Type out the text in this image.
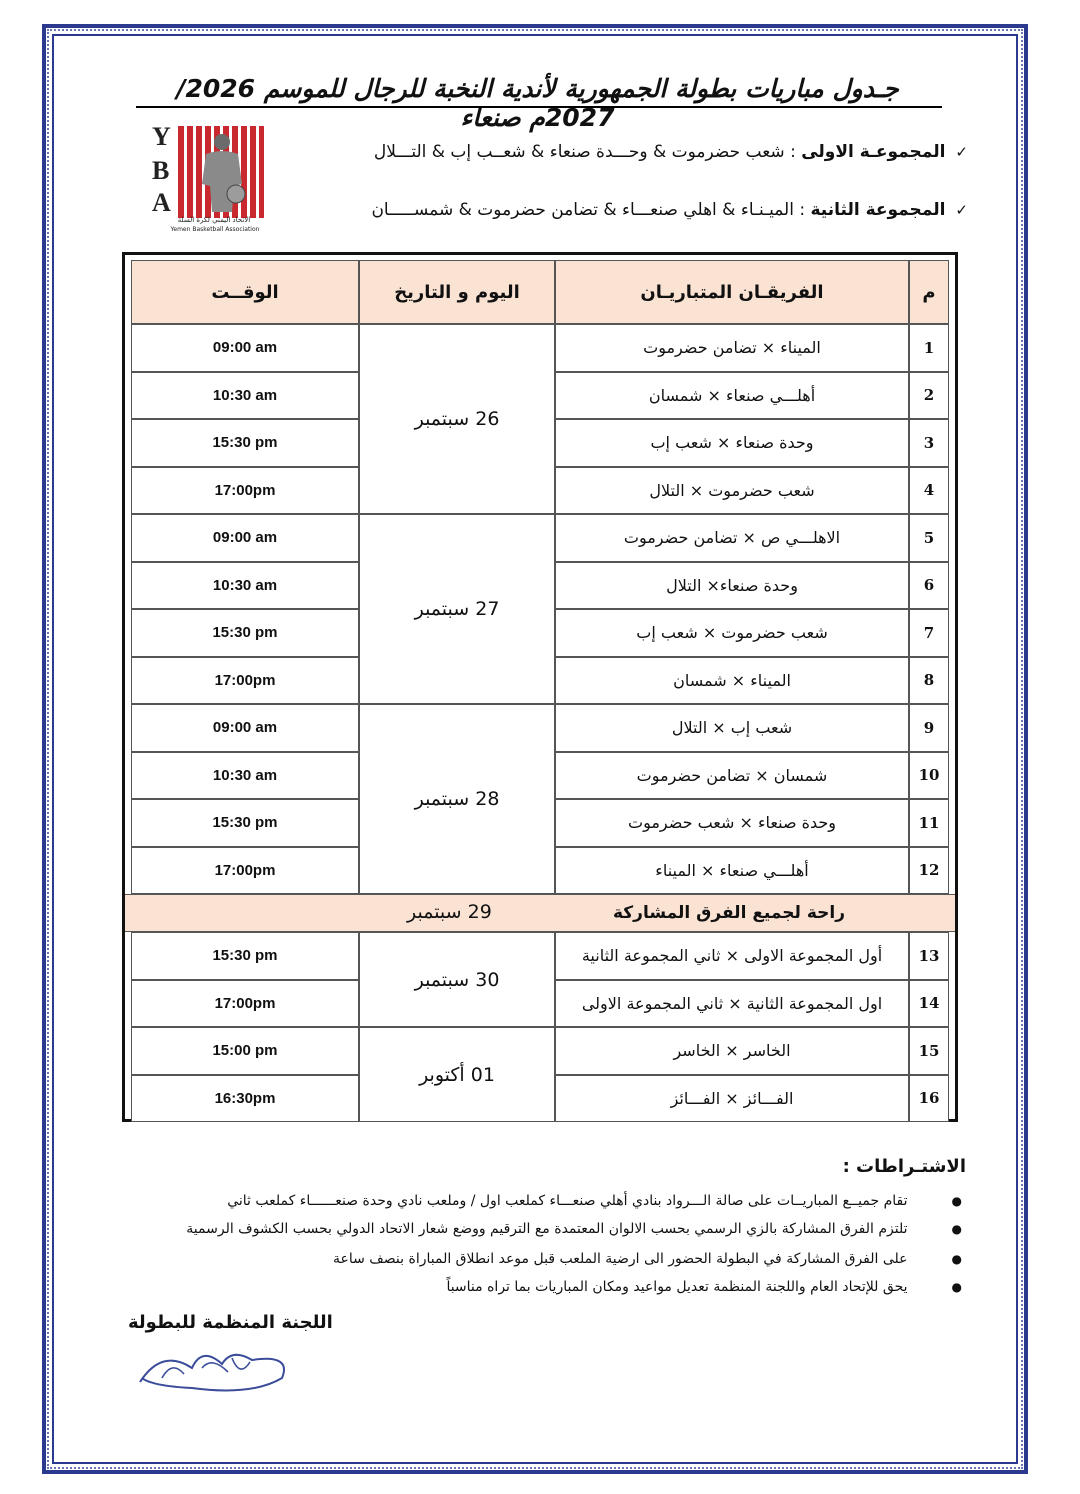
جـدول مباريات بطولة الجمهورية لأندية النخبة للرجال للموسم 2026/ 2027م صنعاء
✓المجموعـة الاولى : شعب حضرموت & وحـــدة صنعاء & شعــب إب & التـــلال
✓المجموعة الثانية : الميـنـاء & اهلي صنعـــاء & تضامن حضرموت & شمســـــان
Y
B
A
الاتحاد اليمني لكرة السلة
Yemen Basketball Association
م
الفريقـان المتباريـان
اليوم و التاريخ
الوقــت
1
الميناء × تضامن حضرموت
09:00 am
2
أهلـــي صنعاء × شمسان
10:30 am
3
وحدة صنعاء × شعب إب
15:30 pm
4
شعب حضرموت × التلال
17:00pm
5
الاهلـــي ص × تضامن حضرموت
09:00 am
6
وحدة صنعاء× التلال
10:30 am
7
شعب حضرموت × شعب إب
15:30 pm
8
الميناء × شمسان
17:00pm
9
شعب إب × التلال
09:00 am
10
شمسان × تضامن حضرموت
10:30 am
11
وحدة صنعاء × شعب حضرموت
15:30 pm
12
أهلـــي صنعاء × الميناء
17:00pm
13
أول المجموعة الاولى × ثاني المجموعة الثانية
15:30 pm
14
اول المجموعة الثانية × ثاني المجموعة الاولى
17:00pm
15
الخاسر × الخاسر
15:00 pm
16
الفـــائز × الفـــائز
16:30pm
26 سبتمبر
27 سبتمبر
28 سبتمبر
30 سبتمبر
01 أكتوبر
راحة لجميع الفرق المشاركة
29 سبتمبر
الاشتـراطات :
●تقام جميــع المباريــات على صالة الـــرواد بنادي أهلي صنعـــاء كملعب اول / وملعب نادي وحدة صنعــــــاء كملعب ثاني
●تلتزم الفرق المشاركة بالزي الرسمي بحسب الالوان المعتمدة مع الترقيم ووضع شعار الاتحاد الدولي بحسب الكشوف الرسمية
●على الفرق المشاركة في البطولة الحضور الى ارضية الملعب قبل موعد انطلاق المباراة بنصف ساعة
●يحق للإتحاد العام واللجنة المنظمة تعديل مواعيد ومكان المباريات بما تراه مناسباً
اللجنة المنظمة للبطولة
